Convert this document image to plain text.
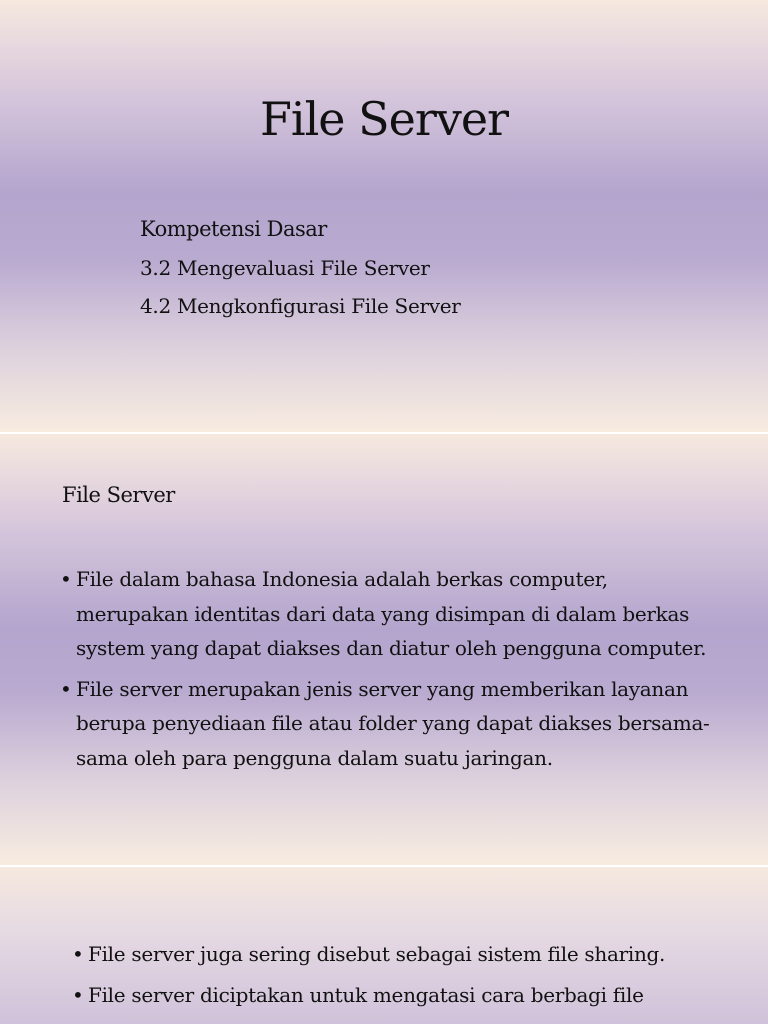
File Server
Kompetensi Dasar
3.2 Mengevaluasi File Server
4.2 Mengkonfigurasi File Server
File Server
• File dalam bahasa Indonesia adalah berkas computer, merupakan identitas dari data yang disimpan di dalam berkas system yang dapat diakses dan diatur oleh pengguna computer.
• File server merupakan jenis server yang memberikan layanan berupa penyediaan file atau folder yang dapat diakses bersama-sama oleh para pengguna dalam suatu jaringan.
• File server juga sering disebut sebagai sistem file sharing.
• File server diciptakan untuk mengatasi cara berbagi file
